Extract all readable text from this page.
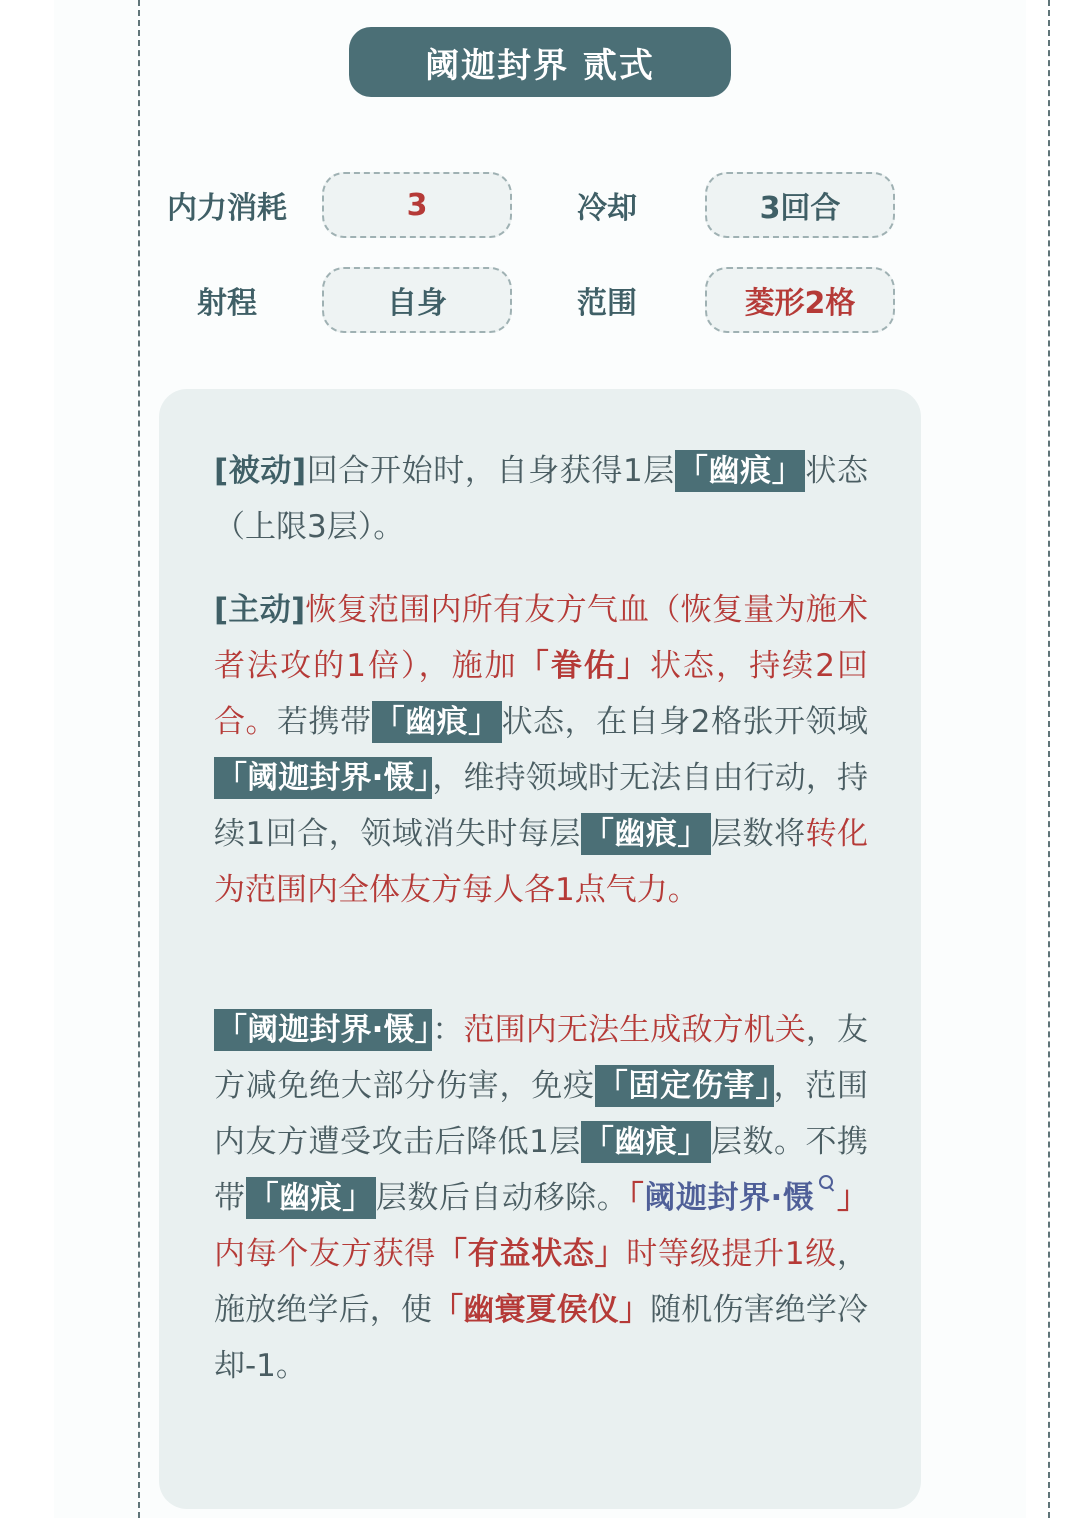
阈迦封界 贰式
内力消耗	3	冷却	3回合
射程	自身	范围	菱形2格
[被动]回合开始时，自身获得1层「幽痕」状态（上限3层）。
[主动]恢复范围内所有友方气血（恢复量为施术者法攻的1倍），施加「眷佑」状态，持续2回合。若携带「幽痕」状态，在自身2格张开领域「阈迦封界·慑」，维持领域时无法自由行动，持续1回合，领域消失时每层「幽痕」层数将转化为范围内全体友方每人各1点气力。
「阈迦封界·慑」：范围内无法生成敌方机关，友方减免绝大部分伤害，免疫「固定伤害」，范围内友方遭受攻击后降低1层「幽痕」层数。不携带「幽痕」层数后自动移除。「阈迦封界·慑 」内每个友方获得「有益状态」时等级提升1级，施放绝学后，使「幽寰夏侯仪」随机伤害绝学冷却-1。
